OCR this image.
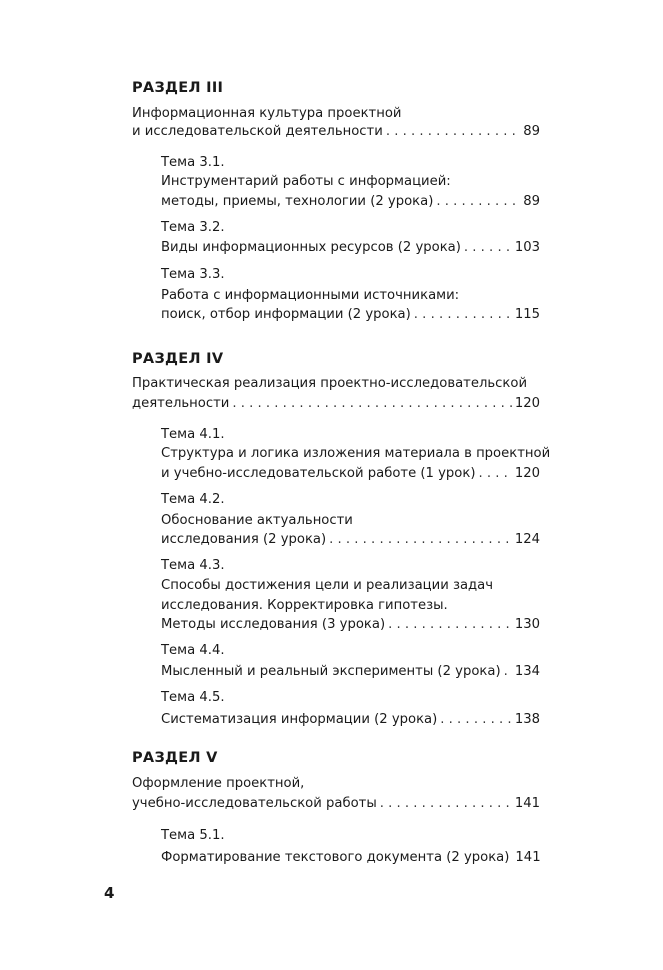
РАЗДЕЛ III
Информационная культура проектной
и исследовательской деятельности . . .	89
Тема 3.1.
Инструментарий работы с информацией:
методы, приемы, технологии (2 урока) . . .	89
Тема 3.2.
Виды информационных ресурсов (2 урока) . . .	103
Тема 3.3.
Работа с информационными источниками:
поиск, отбор информации (2 урока) . . .	115
РАЗДЕЛ IV
Практическая реализация проектно-исследовательской
деятельности . . .	120
Тема 4.1.
Структура и логика изложения материала в проектной
и учебно-исследовательской работе (1 урок) . . .	120
Тема 4.2.
Обоснование актуальности
исследования (2 урока) . . .	124
Тема 4.3.
Способы достижения цели и реализации задач
исследования. Корректировка гипотезы.
Методы исследования (3 урока) . . .	130
Тема 4.4.
Мысленный и реальный эксперименты (2 урока) . . . 134
Тема 4.5.
Систематизация информации (2 урока) . . .	138
РАЗДЕЛ V
Оформление проектной,
учебно-исследовательской работы . . .	141
Тема 5.1.
Форматирование текстового документа (2 урока) 141
4
